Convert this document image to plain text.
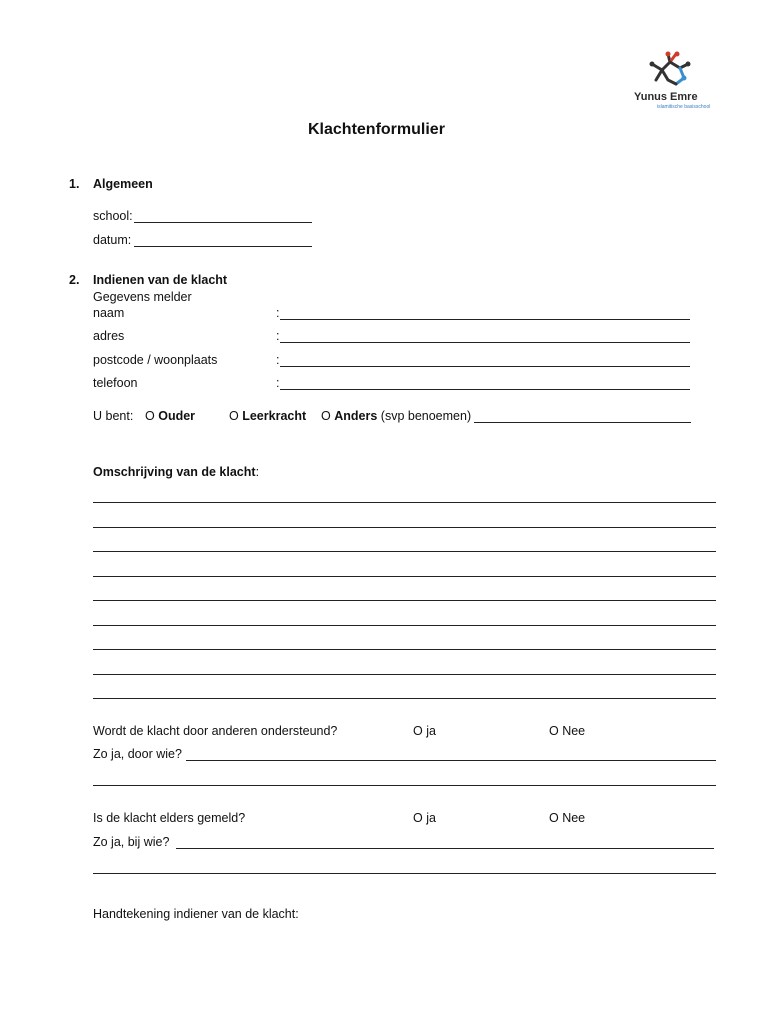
Yunus Emre
islamitische basisschool
Klachtenformulier
1. Algemeen
school:
datum:
2. Indienen van de klacht
Gegevens melder
naam	:
adres	:
postcode / woonplaats	:
telefoon	:
U bent: O Ouder	O Leerkracht O Anders (svp benoemen)
Omschrijving van de klacht:
Wordt de klacht door anderen ondersteund?	O ja	O Nee
Zo ja, door wie?
Is de klacht elders gemeld?	O ja	O Nee
Zo ja, bij wie?
Handtekening indiener van de klacht:
